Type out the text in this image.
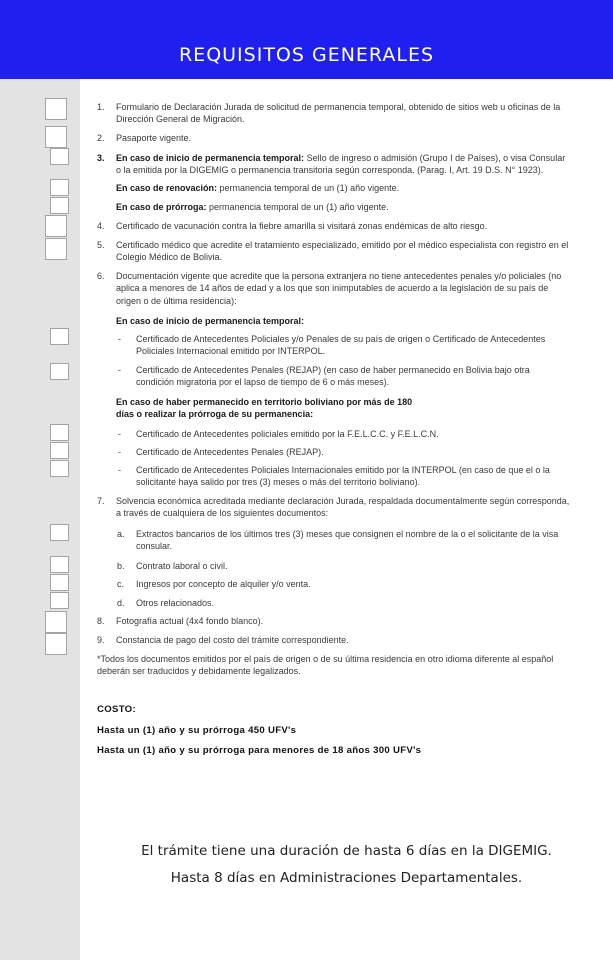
REQUISITOS GENERALES
1. Formulario de Declaración Jurada de solicitud de permanencia temporal, obtenido de sitios web u oficinas de la Dirección General de Migración.
2. Pasaporte vigente.
3. En caso de inicio de permanencia temporal: Sello de ingreso o admisión (Grupo I de Países), o visa Consular o la emitida por la DIGEMIG o permanencia transitoria según corresponda. (Parag. I, Art. 19 D.S. N° 1923).
En caso de renovación: permanencia temporal de un (1) año vigente.
En caso de prórroga: permanencia temporal de un (1) año vigente.
4. Certificado de vacunación contra la fiebre amarilla si visitará zonas endémicas de alto riesgo.
5. Certificado médico que acredite el tratamiento especializado, emitido por el médico especialista con registro en el Colegio Médico de Bolivia.
6. Documentación vigente que acredite que la persona extranjera no tiene antecedentes penales y/o policiales (no aplica a menores de 14 años de edad y a los que son inimputables de acuerdo a la legislación de su país de origen o de última residencia):
En caso de inicio de permanencia temporal:
- Certificado de Antecedentes Policiales y/o Penales de su país de origen o Certificado de Antecedentes Policiales Internacional emitido por INTERPOL.
- Certificado de Antecedentes Penales (REJAP) (en caso de haber permanecido en Bolivia bajo otra condición migratoria por el lapso de tiempo de 6 o más meses).
En caso de haber permanecido en territorio boliviano por más de 180 días o realizar la prórroga de su permanencia:
- Certificado de Antecedentes policiales emitido por la F.E.L.C.C. y F.E.L.C.N.
- Certificado de Antecedentes Penales (REJAP).
- Certificado de Antecedentes Policiales Internacionales emitido por la INTERPOL (en caso de que el o la solicitante haya salido por tres (3) meses o más del territorio boliviano).
7. Solvencia económica acreditada mediante declaración Jurada, respaldada documentalmente según corresponda, a través de cualquiera de los siguientes documentos:
a. Extractos bancarios de los últimos tres (3) meses que consignen el nombre de la o el solicitante de la visa consular.
b. Contrato laboral o civil.
c. Ingresos por concepto de alquiler y/o venta.
d. Otros relacionados.
8. Fotografía actual (4x4 fondo blanco).
9. Constancia de pago del costo del trámite correspondiente.
*Todos los documentos emitidos por el país de origen o de su última residencia en otro idioma diferente al español deberán ser traducidos y debidamente legalizados.
COSTO:
Hasta un (1) año y su prórroga 450 UFV's
Hasta un (1) año y su prórroga para menores de 18 años 300 UFV's
El trámite tiene una duración de hasta 6 días en la DIGEMIG.
Hasta 8 días en Administraciones Departamentales.
